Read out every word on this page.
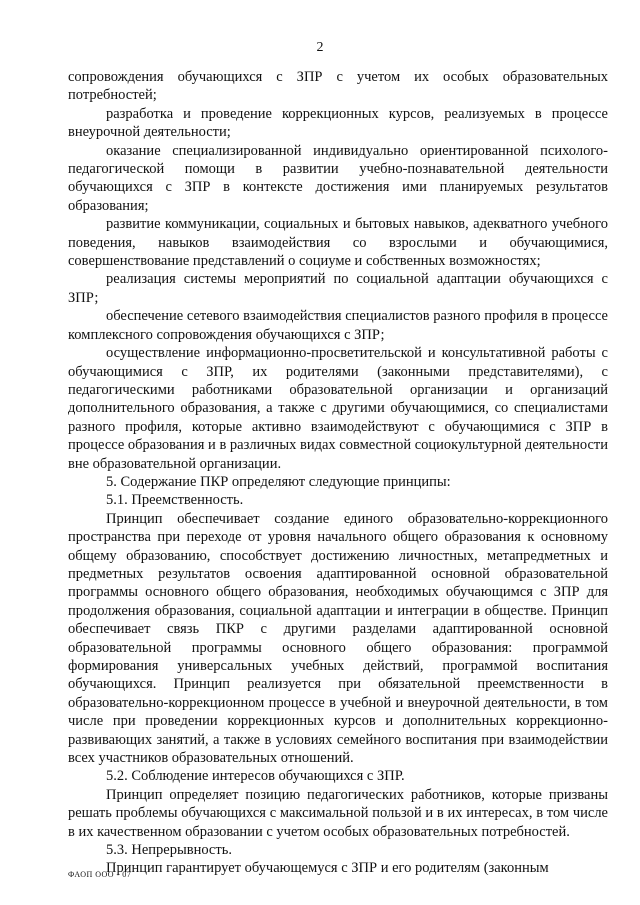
2

сопровождения обучающихся с ЗПР с учетом их особых образовательных потребностей;

разработка и проведение коррекционных курсов, реализуемых в процессе внеурочной деятельности;

оказание специализированной индивидуально ориентированной психолого-педагогической помощи в развитии учебно-познавательной деятельности обучающихся с ЗПР в контексте достижения ими планируемых результатов образования;

развитие коммуникации, социальных и бытовых навыков, адекватного учебного поведения, навыков взаимодействия со взрослыми и обучающимися, совершенствование представлений о социуме и собственных возможностях;

реализация системы мероприятий по социальной адаптации обучающихся с ЗПР;

обеспечение сетевого взаимодействия специалистов разного профиля в процессе комплексного сопровождения обучающихся с ЗПР;

осуществление информационно-просветительской и консультативной работы с обучающимися с ЗПР, их родителями (законными представителями), с педагогическими работниками образовательной организации и организаций дополнительного образования, а также с другими обучающимися, со специалистами разного профиля, которые активно взаимодействуют с обучающимися с ЗПР в процессе образования и в различных видах совместной социокультурной деятельности вне образовательной организации.

5. Содержание ПКР определяют следующие принципы:

5.1. Преемственность.

Принцип обеспечивает создание единого образовательно-коррекционного пространства при переходе от уровня начального общего образования к основному общему образованию, способствует достижению личностных, метапредметных и предметных результатов освоения адаптированной основной образовательной программы основного общего образования, необходимых обучающимся с ЗПР для продолжения образования, социальной адаптации и интеграции в обществе. Принцип обеспечивает связь ПКР с другими разделами адаптированной основной образовательной программы основного общего образования: программой формирования универсальных учебных действий, программой воспитания обучающихся. Принцип реализуется при обязательной преемственности в образовательно-коррекционном процессе в учебной и внеурочной деятельности, в том числе при проведении коррекционных курсов и дополнительных коррекционно-развивающих занятий, а также в условиях семейного воспитания при взаимодействии всех участников образовательных отношений.

5.2. Соблюдение интересов обучающихся с ЗПР.

Принцип определяет позицию педагогических работников, которые призваны решать проблемы обучающихся с максимальной пользой и в их интересах, в том числе в их качественном образовании с учетом особых образовательных потребностей.

5.3. Непрерывность.

Принцип гарантирует обучающемуся с ЗПР и его родителям (законным

ФАОП ООО - 07
